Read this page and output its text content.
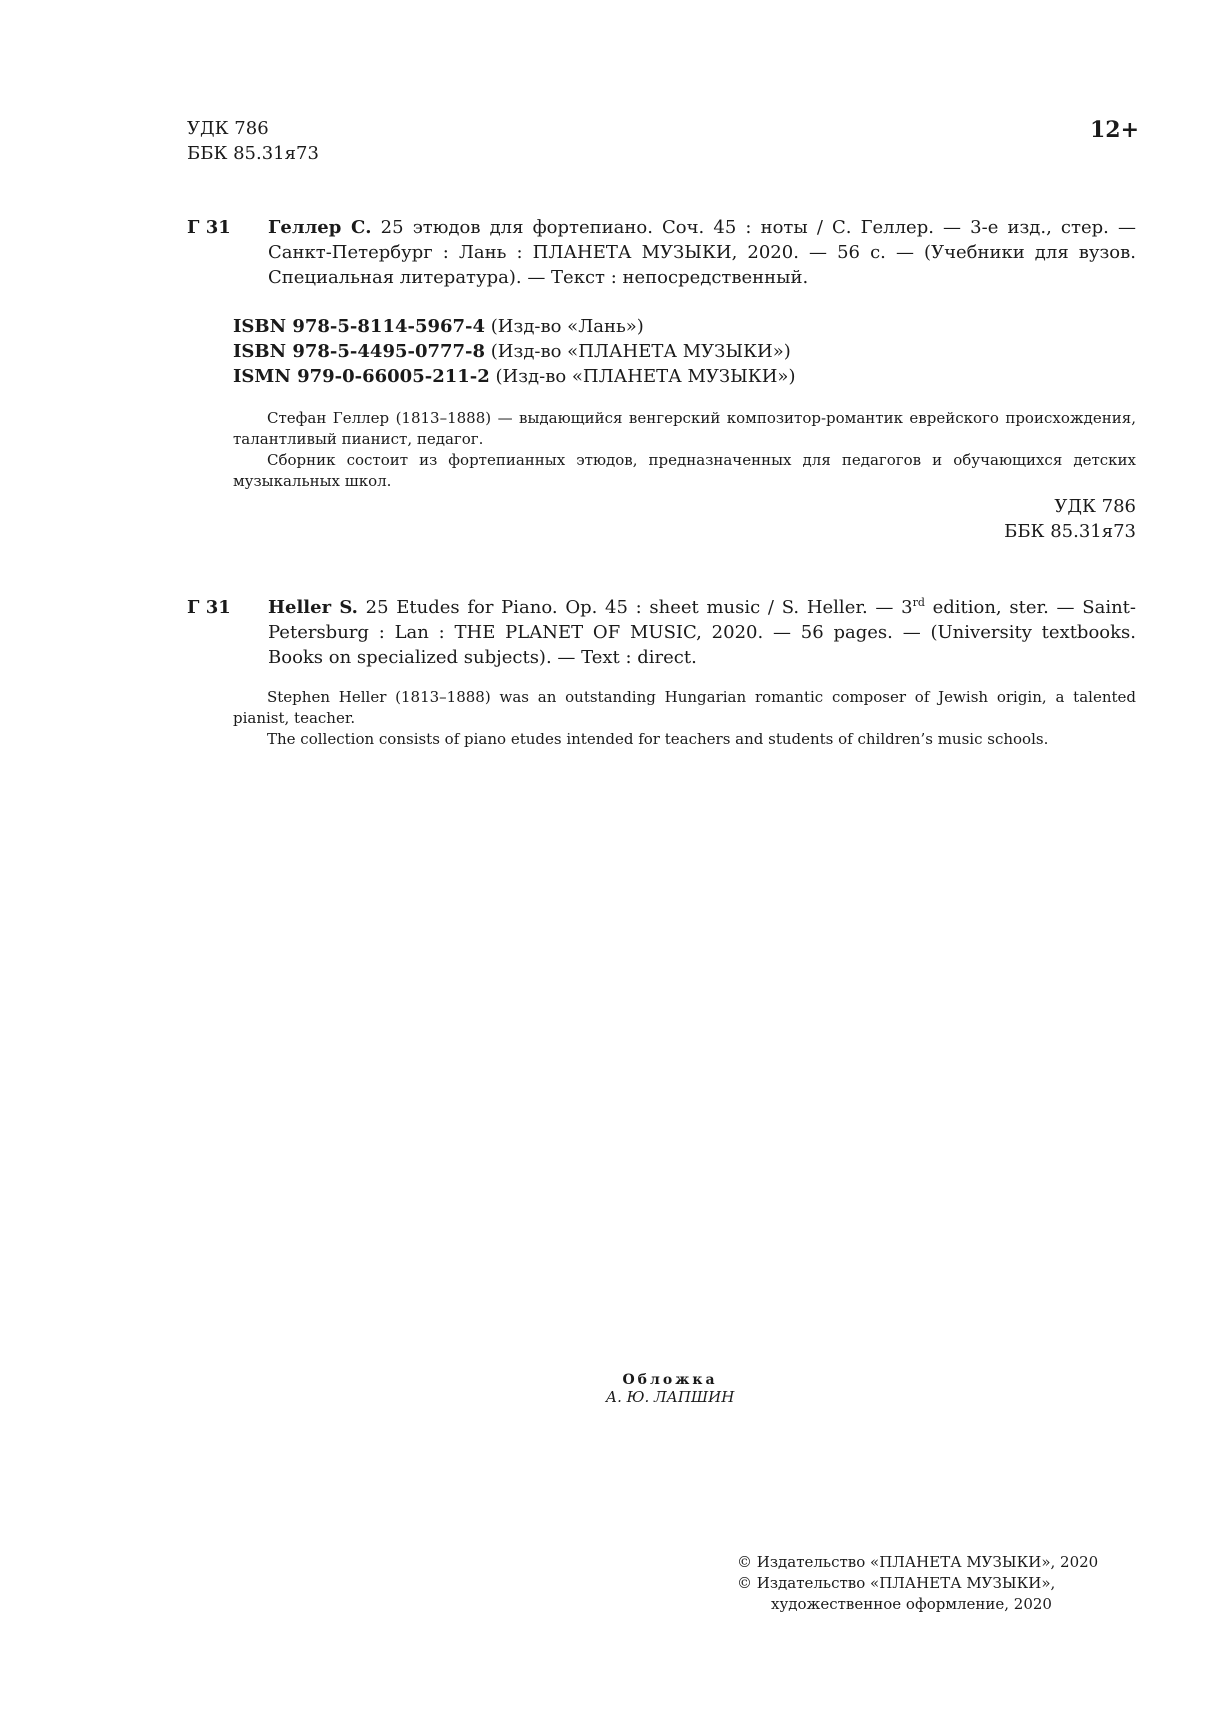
УДК 786
ББК 85.31я73
12+
Г 31 Геллер С. 25 этюдов для фортепиано. Соч. 45 : ноты / С. Геллер. — 3-е изд., стер. — Санкт-Петербург : Лань : ПЛАНЕТА МУЗЫКИ, 2020. — 56 с. — (Учебники для вузов. Специальная литература). — Текст : непосредственный.
ISBN 978-5-8114-5967-4 (Изд-во «Лань»)
ISBN 978-5-4495-0777-8 (Изд-во «ПЛАНЕТА МУЗЫКИ»)
ISMN 979-0-66005-211-2 (Изд-во «ПЛАНЕТА МУЗЫКИ»)
Стефан Геллер (1813–1888) — выдающийся венгерский композитор-романтик еврейского происхождения, талантливый пианист, педагог.
Сборник состоит из фортепианных этюдов, предназначенных для педагогов и обучающихся детских музыкальных школ.
УДК 786
ББК 85.31я73
Г 31 Heller S. 25 Etudes for Piano. Op. 45 : sheet music / S. Heller. — 3rd edition, ster. — Saint-Petersburg : Lan : THE PLANET OF MUSIC, 2020. — 56 pages. — (University textbooks. Books on specialized subjects). — Text : direct.
Stephen Heller (1813–1888) was an outstanding Hungarian romantic composer of Jewish origin, a talented pianist, teacher.
The collection consists of piano etudes intended for teachers and students of children’s music schools.
Обложка
А. Ю. ЛАПШИН
© Издательство «ПЛАНЕТА МУЗЫКИ», 2020
© Издательство «ПЛАНЕТА МУЗЫКИ»,
художественное оформление, 2020
